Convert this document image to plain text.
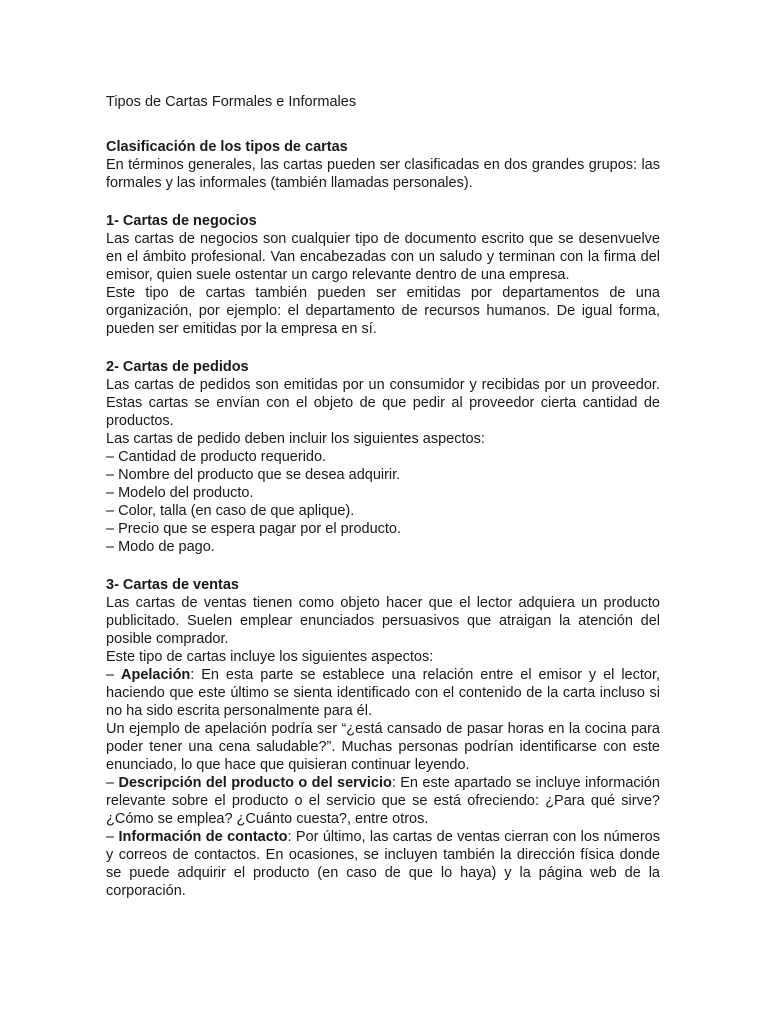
Tipos de Cartas Formales e Informales
Clasificación de los tipos de cartas

En términos generales, las cartas pueden ser clasificadas en dos grandes grupos: las formales y las informales (también llamadas personales).

1- Cartas de negocios

Las cartas de negocios son cualquier tipo de documento escrito que se desenvuelve en el ámbito profesional. Van encabezadas con un saludo y terminan con la firma del emisor, quien suele ostentar un cargo relevante dentro de una empresa.

Este tipo de cartas también pueden ser emitidas por departamentos de una organización, por ejemplo: el departamento de recursos humanos. De igual forma, pueden ser emitidas por la empresa en sí.

2- Cartas de pedidos

Las cartas de pedidos son emitidas por un consumidor y recibidas por un proveedor. Estas cartas se envían con el objeto de que pedir al proveedor cierta cantidad de productos.

Las cartas de pedido deben incluir los siguientes aspectos:

– Cantidad de producto requerido.
– Nombre del producto que se desea adquirir.
– Modelo del producto.
– Color, talla (en caso de que aplique).
– Precio que se espera pagar por el producto.
– Modo de pago.
3- Cartas de ventas

Las cartas de ventas tienen como objeto hacer que el lector adquiera un producto publicitado. Suelen emplear enunciados persuasivos que atraigan la atención del posible comprador.

Este tipo de cartas incluye los siguientes aspectos:

– Apelación: En esta parte se establece una relación entre el emisor y el lector, haciendo que este último se sienta identificado con el contenido de la carta incluso si no ha sido escrita personalmente para él.

Un ejemplo de apelación podría ser “¿está cansado de pasar horas en la cocina para poder tener una cena saludable?”. Muchas personas podrían identificarse con este enunciado, lo que hace que quisieran continuar leyendo.

– Descripción del producto o del servicio: En este apartado se incluye información relevante sobre el producto o el servicio que se está ofreciendo: ¿Para qué sirve? ¿Cómo se emplea? ¿Cuánto cuesta?, entre otros.

– Información de contacto: Por último, las cartas de ventas cierran con los números y correos de contactos. En ocasiones, se incluyen también la dirección física donde se puede adquirir el producto (en caso de que lo haya) y la página web de la corporación.
